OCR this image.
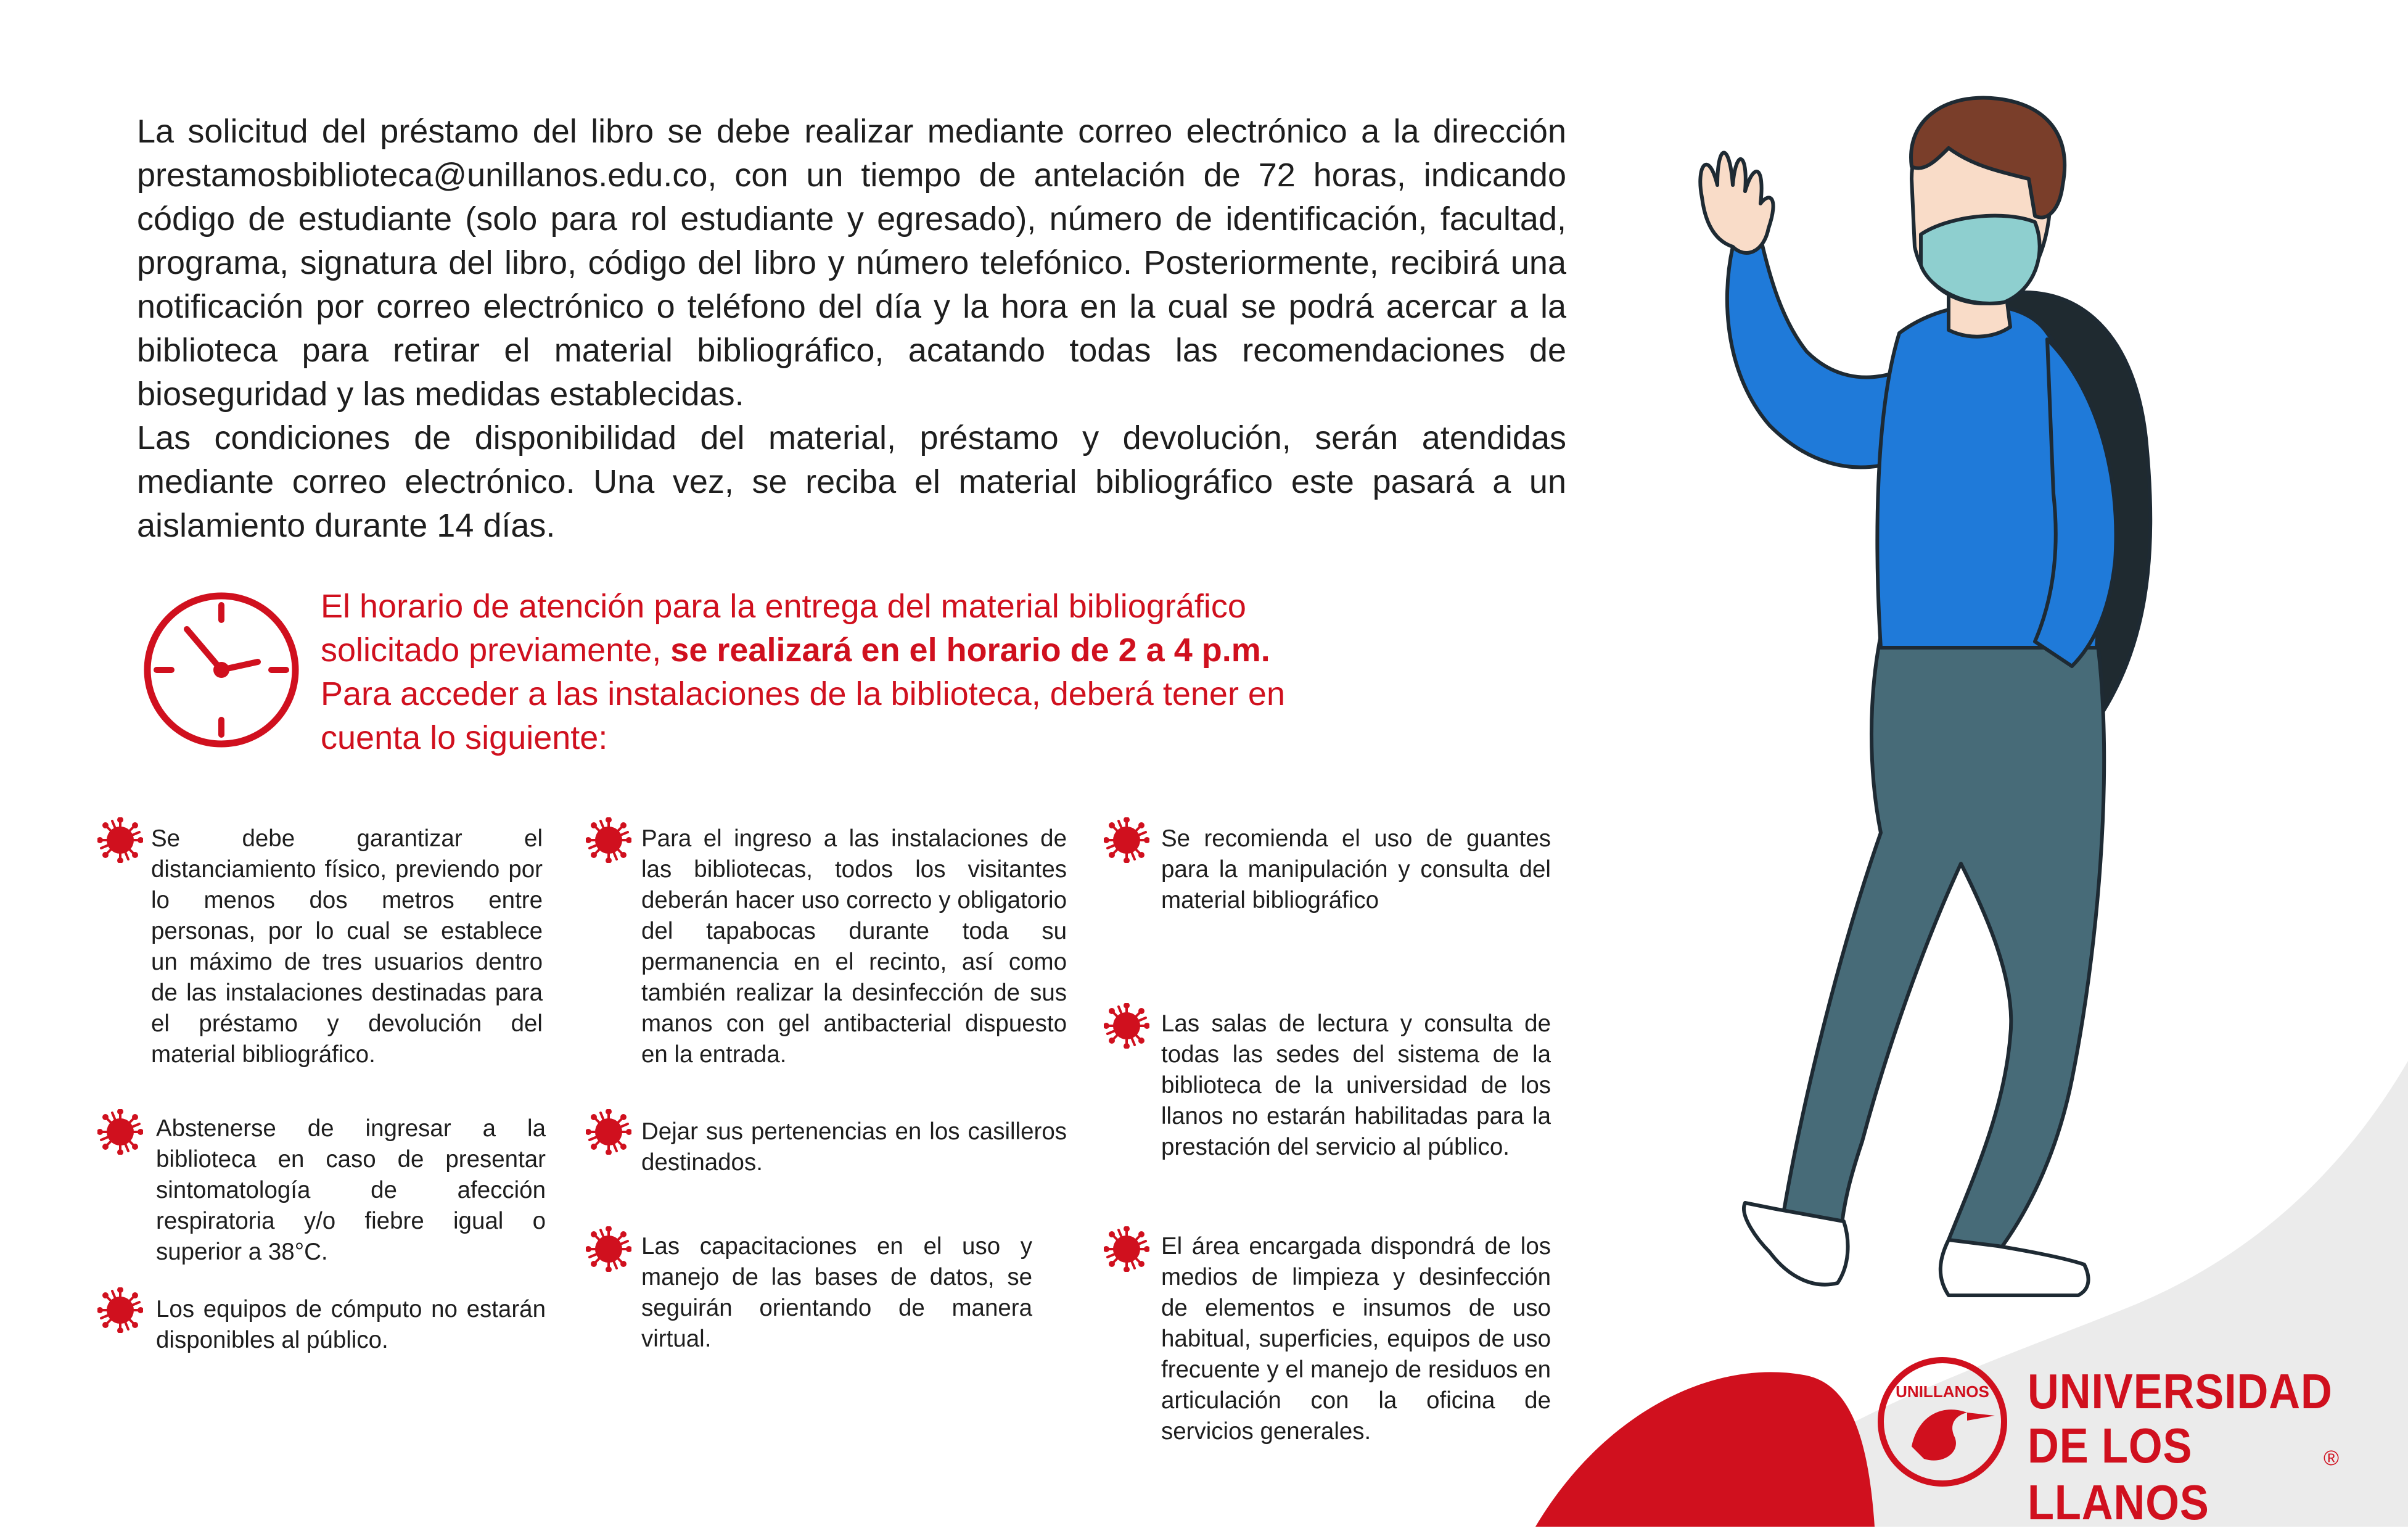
La solicitud del préstamo del libro se debe realizar mediante correo electrónico a la dirección prestamosbiblioteca@unillanos.edu.co, con un tiempo de antelación de 72 horas, indicando código de estudiante (solo para rol estudiante y egresado), número de identificación, facultad, programa, signatura del libro, código del libro y número telefónico. Posteriormente, recibirá una notificación por correo electrónico o teléfono del día y la hora en la cual se podrá acercar a la biblioteca para retirar el material bibliográfico, acatando todas las recomendaciones de bioseguridad y las medidas establecidas.

Las condiciones de disponibilidad del material, préstamo y devolución, serán atendidas mediante correo electrónico. Una vez, se reciba el material bibliográfico este pasará a un aislamiento durante 14 días.

El horario de atención para la entrega del material bibliográfico solicitado previamente, se realizará en el horario de 2 a 4 p.m.

Para acceder a las instalaciones de la biblioteca, deberá tener en cuenta lo siguiente:

Se debe garantizar el distanciamiento físico, previendo por lo menos dos metros entre personas, por lo cual se establece un máximo de tres usuarios dentro de las instalaciones destinadas para el préstamo y devolución del material bibliográfico.

Abstenerse de ingresar a la biblioteca en caso de presentar sintomatología de afección respiratoria y/o fiebre igual o superior a 38°C.

Los equipos de cómputo no estarán disponibles al público.

Para el ingreso a las instalaciones de las bibliotecas, todos los visitantes deberán hacer uso correcto y obligatorio del tapabocas durante toda su permanencia en el recinto, así como también realizar la desinfección de sus manos con gel antibacterial dispuesto en la entrada.

Dejar sus pertenencias en los casilleros destinados.

Las capacitaciones en el uso y manejo de las bases de datos, se seguirán orientando de manera virtual.

Se recomienda el uso de guantes para la manipulación y consulta del material bibliográfico

Las salas de lectura y consulta de todas las sedes del sistema de la biblioteca de la universidad de los llanos no estarán habilitadas para la prestación del servicio al público.

El área encargada dispondrá de los medios de limpieza y desinfección de elementos e insumos de uso habitual, superficies, equipos de uso frecuente y el manejo de residuos en articulación con la oficina de servicios generales.

UNILLANOS UNIVERSIDAD
DE LOS LLANOS
®
